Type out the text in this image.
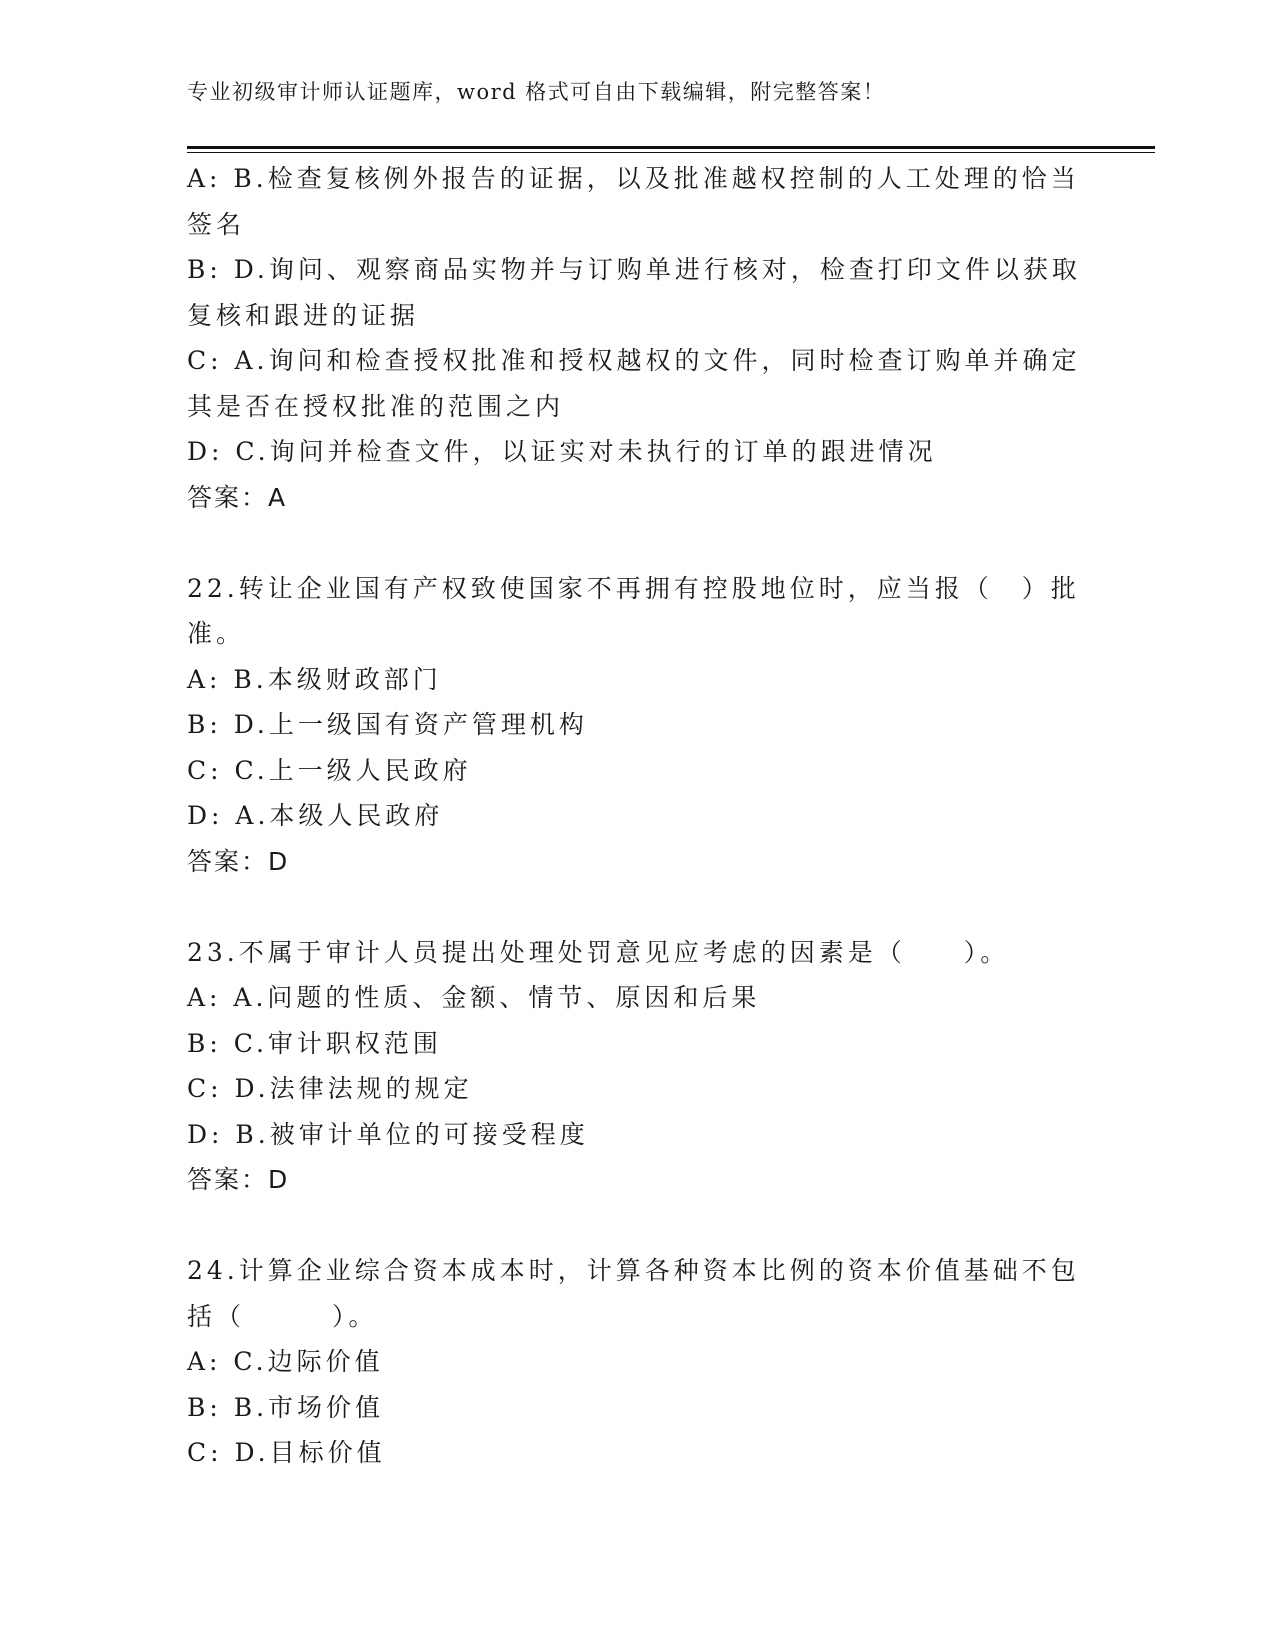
专业初级审计师认证题库，word 格式可自由下载编辑，附完整答案！
A: B.检查复核例外报告的证据，以及批准越权控制的人工处理的恰当
签名
B: D.询问、观察商品实物并与订购单进行核对，检查打印文件以获取
复核和跟进的证据
C: A.询问和检查授权批准和授权越权的文件，同时检查订购单并确定
其是否在授权批准的范围之内
D: C.询问并检查文件，以证实对未执行的订单的跟进情况
答案：A
22.转让企业国有产权致使国家不再拥有控股地位时，应当报（　）批
准。
A: B.本级财政部门
B: D.上一级国有资产管理机构
C: C.上一级人民政府
D: A.本级人民政府
答案：D
23.不属于审计人员提出处理处罚意见应考虑的因素是（　　）。
A: A.问题的性质、金额、情节、原因和后果
B: C.审计职权范围
C: D.法律法规的规定
D: B.被审计单位的可接受程度
答案：D
24.计算企业综合资本成本时，计算各种资本比例的资本价值基础不包
括（　　　）。
A: C.边际价值
B: B.市场价值
C: D.目标价值
